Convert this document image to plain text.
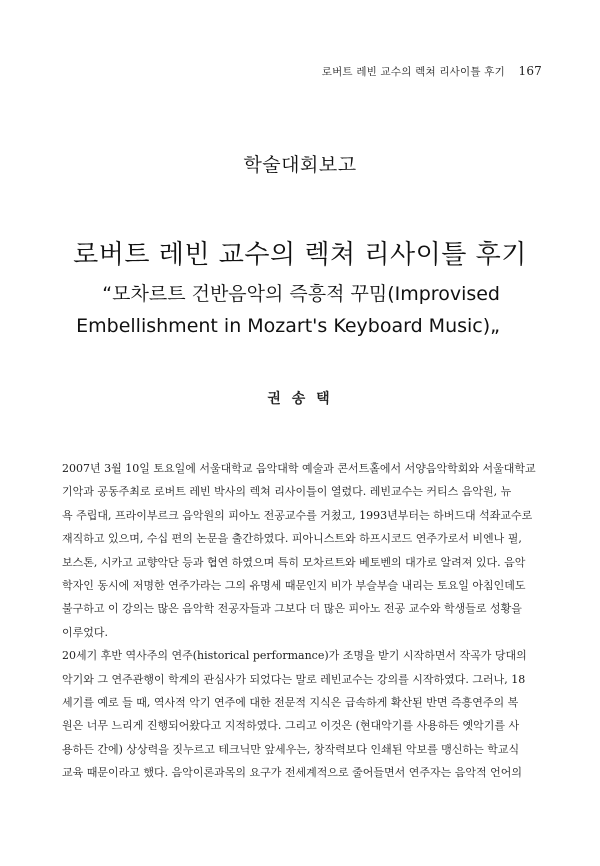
로버트 레빈 교수의 렉쳐 리사이틀 후기 167
학술대회보고
로버트 레빈 교수의 렉쳐 리사이틀 후기
“모차르트 건반음악의 즉흥적 꾸밈(Improvised
Embellishment in Mozart's Keyboard Music)„
권 송 택

2007년 3월 10일 토요일에 서울대학교 음악대학 예술과 콘서트홀에서 서양음악학회와 서울대학교
기악과 공동주최로 로버트 레빈 박사의 렉쳐 리사이틀이 열렸다. 레빈교수는 커티스 음악원, 뉴
욕 주립대, 프라이부르크 음악원의 피아노 전공교수를 거쳤고, 1993년부터는 하버드대 석좌교수로
재직하고 있으며, 수십 편의 논문을 출간하였다. 피아니스트와 하프시코드 연주가로서 비엔나 필,
보스톤, 시카고 교향악단 등과 협연 하였으며 특히 모차르트와 베토벤의 대가로 알려져 있다. 음악
학자인 동시에 저명한 연주가라는 그의 유명세 때문인지 비가 부슬부슬 내리는 토요일 아침인데도
불구하고 이 강의는 많은 음악학 전공자들과 그보다 더 많은 피아노 전공 교수와 학생들로 성황을
이루었다.
20세기 후반 역사주의 연주(historical performance)가 조명을 받기 시작하면서 작곡가 당대의
악기와 그 연주관행이 학계의 관심사가 되었다는 말로 레빈교수는 강의를 시작하였다. 그러나, 18
세기를 예로 들 때, 역사적 악기 연주에 대한 전문적 지식은 급속하게 확산된 반면 즉흥연주의 복
원은 너무 느리게 진행되어왔다고 지적하였다. 그리고 이것은 (현대악기를 사용하든 옛악기를 사
용하든 간에) 상상력을 짓누르고 테크닉만 앞세우는, 창작력보다 인쇄된 악보를 맹신하는 학교식
교육 때문이라고 했다. 음악이론과목의 요구가 전세계적으로 줄어들면서 연주자는 음악적 언어의
